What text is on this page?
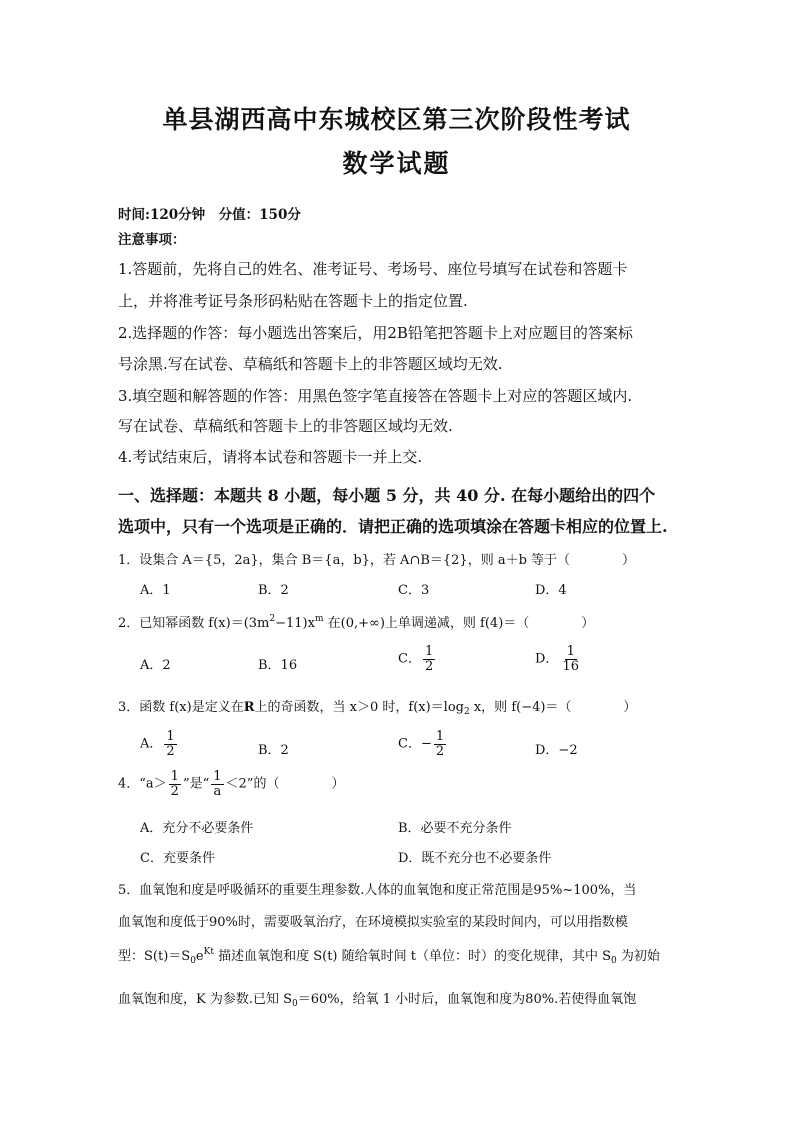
单县湖西高中东城校区第三次阶段性考试
数学试题
时间:120分钟　分值：150分
注意事项：
1.答题前，先将自己的姓名、准考证号、考场号、座位号填写在试卷和答题卡
上，并将准考证号条形码粘贴在答题卡上的指定位置.
2.选择题的作答：每小题选出答案后，用2B铅笔把答题卡上对应题目的答案标
号涂黑.写在试卷、草稿纸和答题卡上的非答题区域均无效.
3.填空题和解答题的作答：用黑色签字笔直接答在答题卡上对应的答题区域内.
写在试卷、草稿纸和答题卡上的非答题区域均无效.
4.考试结束后，请将本试卷和答题卡一并上交.
一、选择题：本题共 8 小题，每小题 5 分，共 40 分. 在每小题给出的四个
选项中，只有一个选项是正确的．请把正确的选项填涂在答题卡相应的位置上.
1．设集合 A＝{5，2a}，集合 B＝{a，b}，若 A∩B＝{2}，则 a＋b 等于（　　　　）
A．1	B．2	C．3	D．4
2．已知幂函数 $f(x)=(3m^2-11)x^m$ 在(0,+∞)上单调递减，则 f(4)＝（　　　　）
A．2	B．16	C． $\frac{1}{2}$	D． $\frac{1}{16}$
3．函数 f(x)是定义在R上的奇函数，当 x＞0 时，$f(x)=\log_2$ x，则 f(−4)＝（　　　　）
A． $\frac{1}{2}$	B．2	C．− $\frac{1}{2}$	D．−2
4．“$a> \frac{1}{2}$ ”是“ $\frac{1}{a} <2$”的（　　　　）
A．充分不必要条件	B．必要不充分条件
C．充要条件	D．既不充分也不必要条件
5．血氧饱和度是呼吸循环的重要生理参数.人体的血氧饱和度正常范围是95%~100%，当
血氧饱和度低于90%时，需要吸氧治疗，在环境模拟实验室的某段时间内，可以用指数模
型：$S(t)=S_0e^{Kt}$ 描述血氧饱和度 S(t) 随给氧时间 t（单位：时）的变化规律，其中 $S_0$ 为初始
血氧饱和度，K 为参数.已知 $S_0=60\%$，给氧 1 小时后，血氧饱和度为80%.若使得血氧饱
